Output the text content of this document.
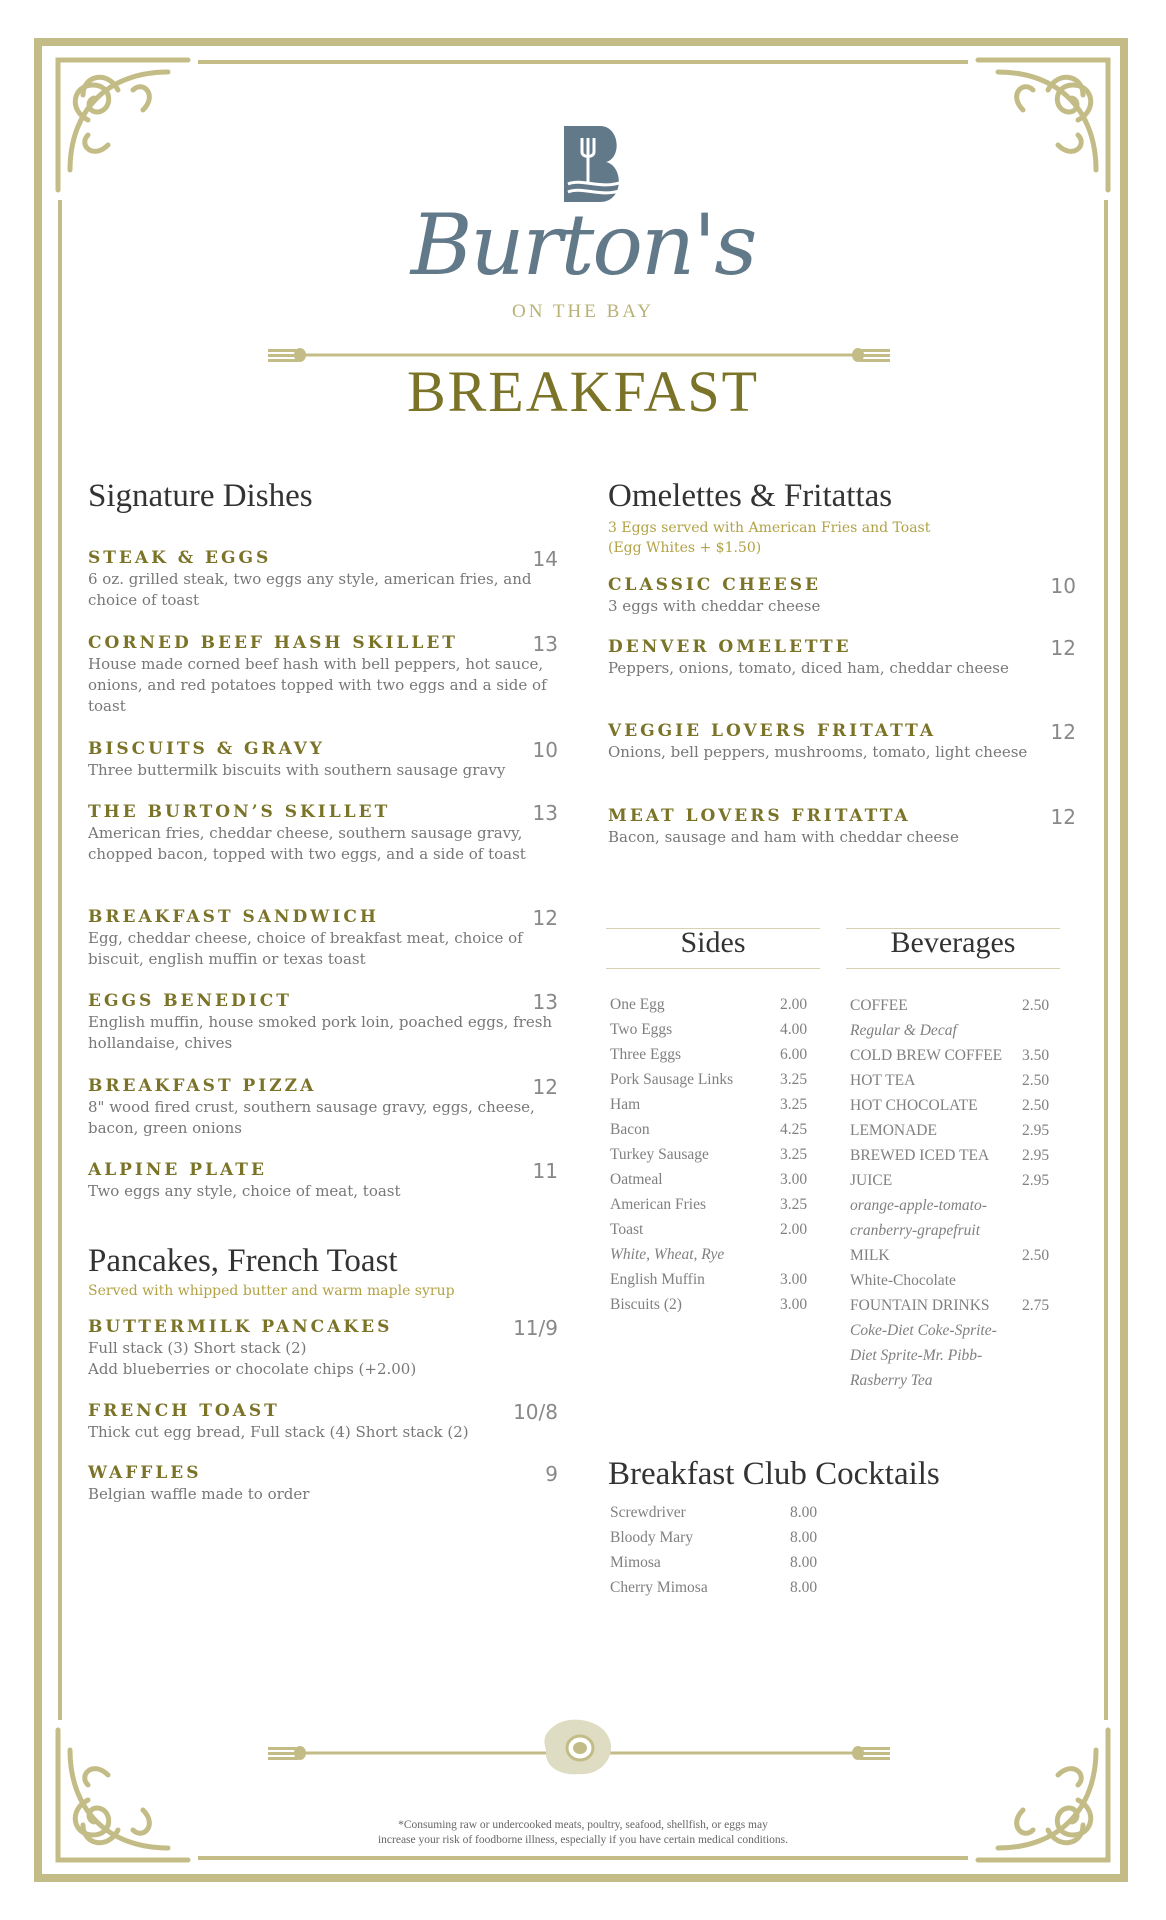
Burton's
ON THE BAY
BREAKFAST
Signature Dishes
STEAK & EGGS	14
6 oz. grilled steak, two eggs any style, american fries, and choice of toast
CORNED BEEF HASH SKILLET	13
House made corned beef hash with bell peppers, hot sauce, onions, and red potatoes topped with two eggs and a side of toast
BISCUITS & GRAVY	10
Three buttermilk biscuits with southern sausage gravy
THE BURTON’S SKILLET	13
American fries, cheddar cheese, southern sausage gravy, chopped bacon, topped with two eggs, and a side of toast
BREAKFAST SANDWICH	12
Egg, cheddar cheese, choice of breakfast meat, choice of biscuit, english muffin or texas toast
EGGS BENEDICT	13
English muffin, house smoked pork loin, poached eggs, fresh hollandaise, chives
BREAKFAST PIZZA	12
8" wood fired crust, southern sausage gravy, eggs, cheese, bacon, green onions
ALPINE PLATE	11
Two eggs any style, choice of meat, toast
Pancakes, French Toast
Served with whipped butter and warm maple syrup
BUTTERMILK PANCAKES	11/9
Full stack (3) Short stack (2)
Add blueberries or chocolate chips (+2.00)
FRENCH TOAST	10/8
Thick cut egg bread, Full stack (4) Short stack (2)
WAFFLES	9
Belgian waffle made to order
Omelettes & Fritattas
3 Eggs served with American Fries and Toast
(Egg Whites + $1.50)
CLASSIC CHEESE	10
3 eggs with cheddar cheese
DENVER OMELETTE	12
Peppers, onions, tomato, diced ham, cheddar cheese
VEGGIE LOVERS FRITATTA	12
Onions, bell peppers, mushrooms, tomato, light cheese
MEAT LOVERS FRITATTA	12
Bacon, sausage and ham with cheddar cheese
Sides	Beverages
One Egg	2.00
Two Eggs	4.00
Three Eggs	6.00
Pork Sausage Links	3.25
Ham	3.25
Bacon	4.25
Turkey Sausage	3.25
Oatmeal	3.00
American Fries	3.25
Toast	2.00
White, Wheat, Rye
English Muffin	3.00
Biscuits (2)	3.00
COFFEE	2.50
Regular & Decaf
COLD BREW COFFEE 3.50
HOT TEA	2.50
HOT CHOCOLATE	2.50
LEMONADE	2.95
BREWED ICED TEA 2.95
JUICE	2.95
orange-apple-tomato-
cranberry-grapefruit
MILK	2.50
White-Chocolate
FOUNTAIN DRINKS 2.75
Coke-Diet Coke-Sprite-
Diet Sprite-Mr. Pibb-
Rasberry Tea
Breakfast Club Cocktails
Screwdriver	8.00
Bloody Mary	8.00
Mimosa	8.00
Cherry Mimosa	8.00
*Consuming raw or undercooked meats, poultry, seafood, shellfish, or eggs may
increase your risk of foodborne illness, especially if you have certain medical conditions.
